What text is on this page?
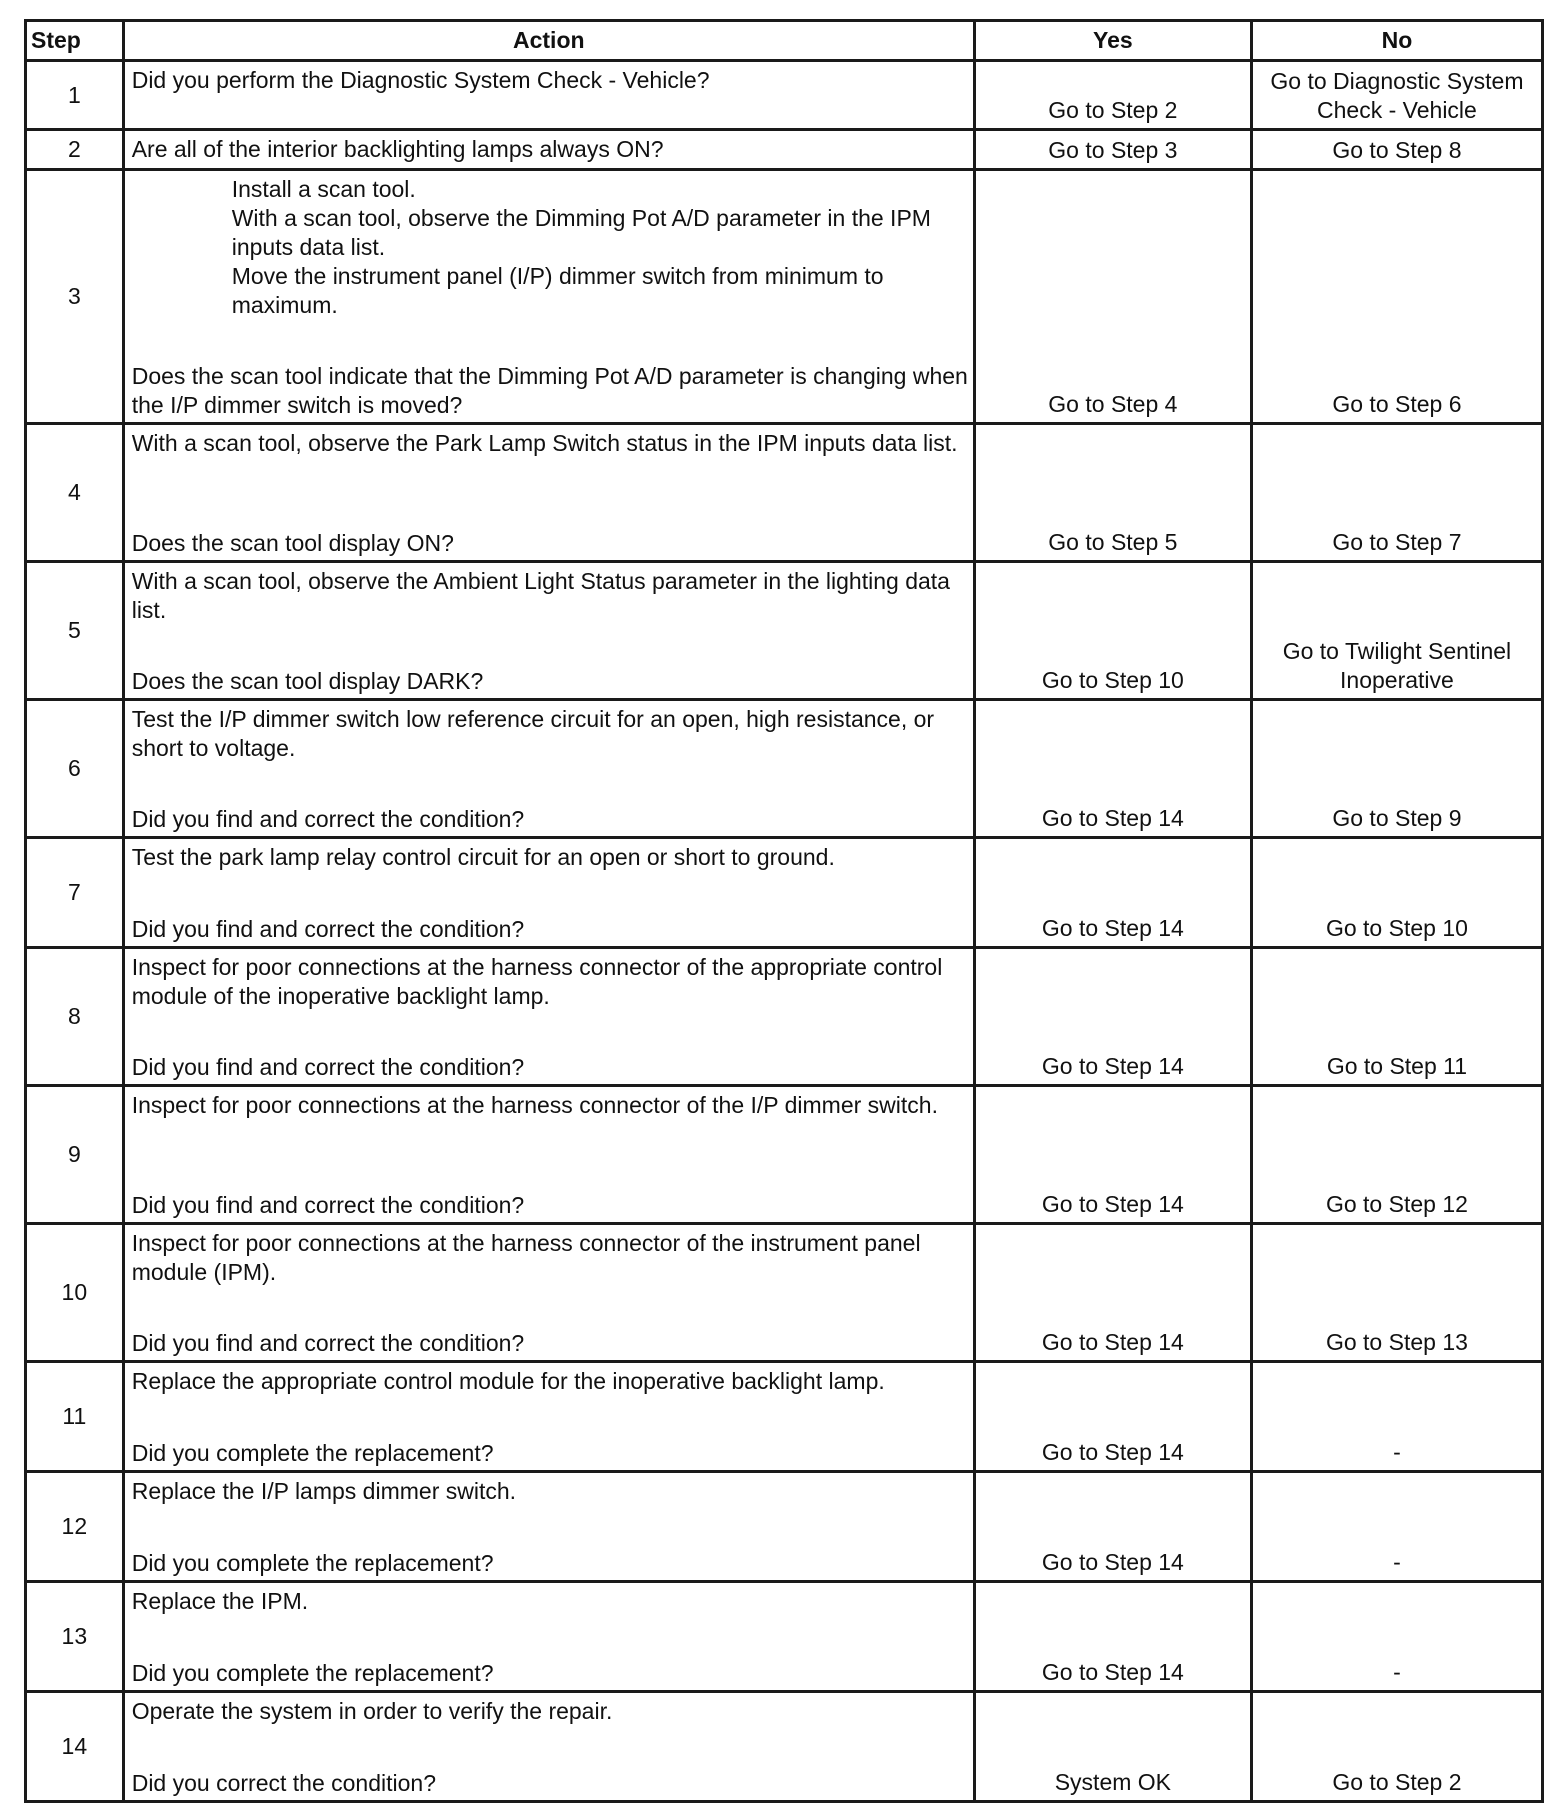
Step	Action	Yes	No
1	Did you perform the Diagnostic System Check - Vehicle?	Go to Step 2	Go to Diagnostic System
Check - Vehicle

2	Are all of the interior backlighting lamps always ON?	Go to Step 3	Go to Step 8

3	Install a scan tool.
With a scan tool, observe the Dimming Pot A/D parameter in the IPM inputs data list.
Move the instrument panel (I/P) dimmer switch from minimum to maximum.
Does the scan tool indicate that the Dimming Pot A/D parameter is changing when the I/P dimmer switch is moved?	Go to Step 4	Go to Step 6

4	With a scan tool, observe the Park Lamp Switch status in the IPM inputs data list.
Does the scan tool display ON?	Go to Step 5	Go to Step 7

5	With a scan tool, observe the Ambient Light Status parameter in the lighting data list.
Does the scan tool display DARK?	Go to Step 10	Go to Twilight Sentinel
Inoperative

6	Test the I/P dimmer switch low reference circuit for an open, high resistance, or short to voltage.
Did you find and correct the condition?	Go to Step 14	Go to Step 9

7	Test the park lamp relay control circuit for an open or short to ground.
Did you find and correct the condition?	Go to Step 14	Go to Step 10

8	Inspect for poor connections at the harness connector of the appropriate control module of the inoperative backlight lamp.
Did you find and correct the condition?	Go to Step 14	Go to Step 11

9	Inspect for poor connections at the harness connector of the I/P dimmer switch.
Did you find and correct the condition?	Go to Step 14	Go to Step 12

10	Inspect for poor connections at the harness connector of the instrument panel module (IPM).
Did you find and correct the condition?	Go to Step 14	Go to Step 13

11	Replace the appropriate control module for the inoperative backlight lamp.
Did you complete the replacement?	Go to Step 14	-

12	Replace the I/P lamps dimmer switch.
Did you complete the replacement?	Go to Step 14	-

13	Replace the IPM.
Did you complete the replacement?	Go to Step 14	-

14	Operate the system in order to verify the repair.
Did you correct the condition?	System OK	Go to Step 2
